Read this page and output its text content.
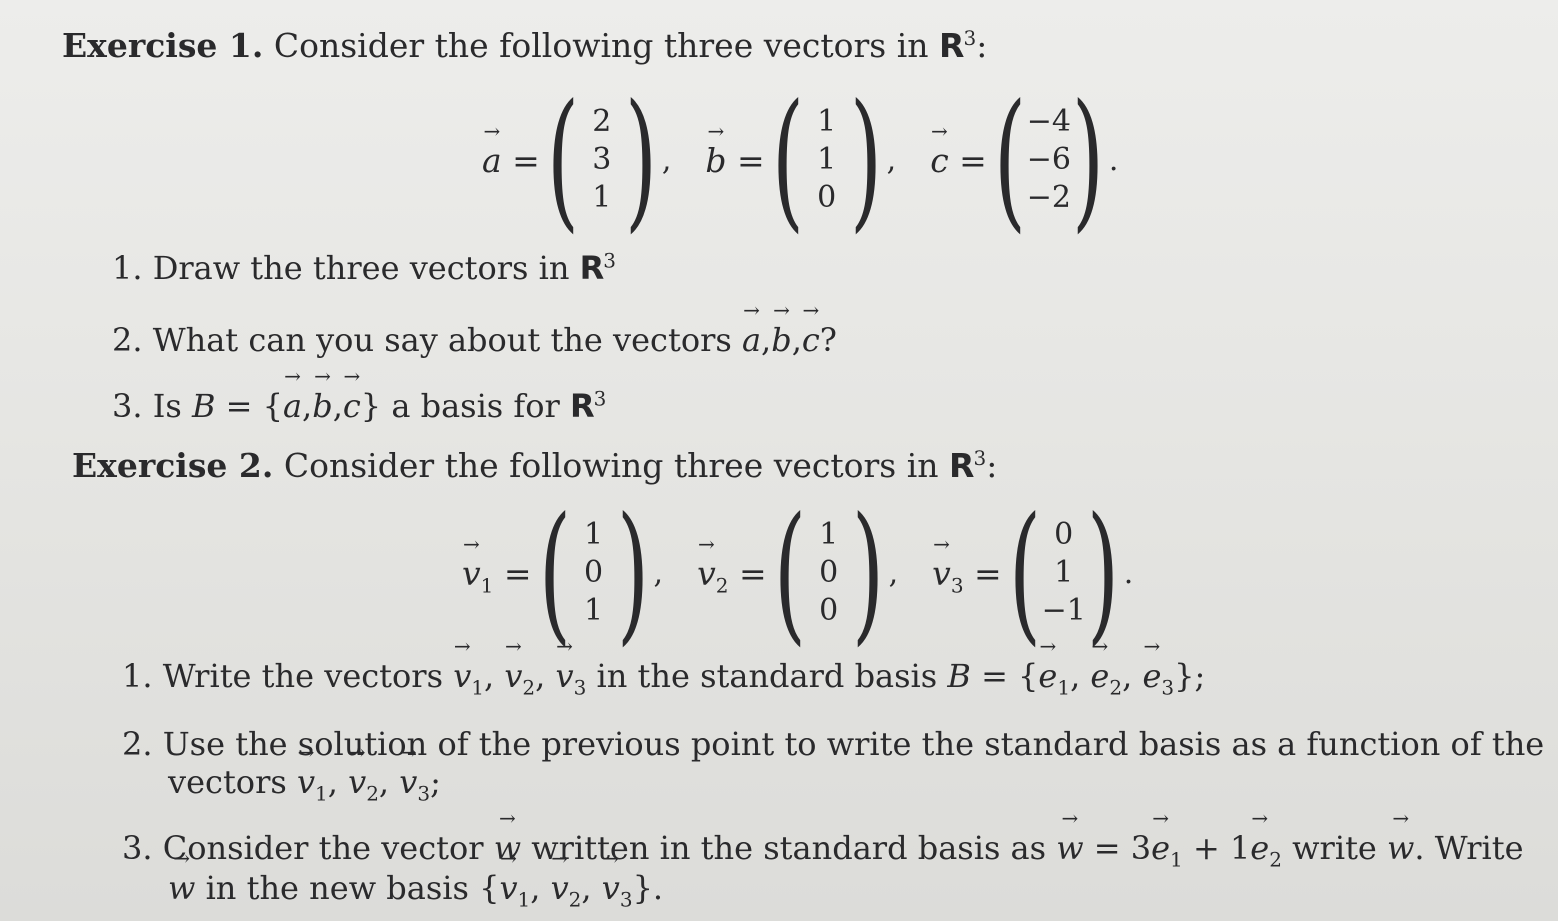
Exercise 1. Consider the following three vectors in $R^3$:
→ a = ( 2
3
1 ) , → b = ( 1
1
0 ) , → c = ( −4
−6
−2 ) .
1. Draw the three vectors in $R^3$
2. What can you say about the vectors → a,→ b,→ c?
3. Is B = {→ a,→ b,→ c} a basis for $R^3$
Exercise 2. Consider the following three vectors in $R^3$:
→ $v_1$ = ( 1
0
1 ) , → $v_2$ = ( 1
0
0 ) , → $v_3$ = ( 0
1
−1 ) .
1. Write the vectors → $v_1$, → $v_2$, → $v_3$ in the standard basis B = {→ $e_1$, → $e_2$, → $e_3$};
2. Use the solution of the previous point to write the standard basis as a function of the
vectors → $v_1$, → $v_2$, → $v_3$;
3. Consider the vector → w written in the standard basis as → $w = 3\to e_1 + 1\to e_2$ write → w. Write
→ w in the new basis {→ $v_1$, → $v_2$, → $v_3$}.
